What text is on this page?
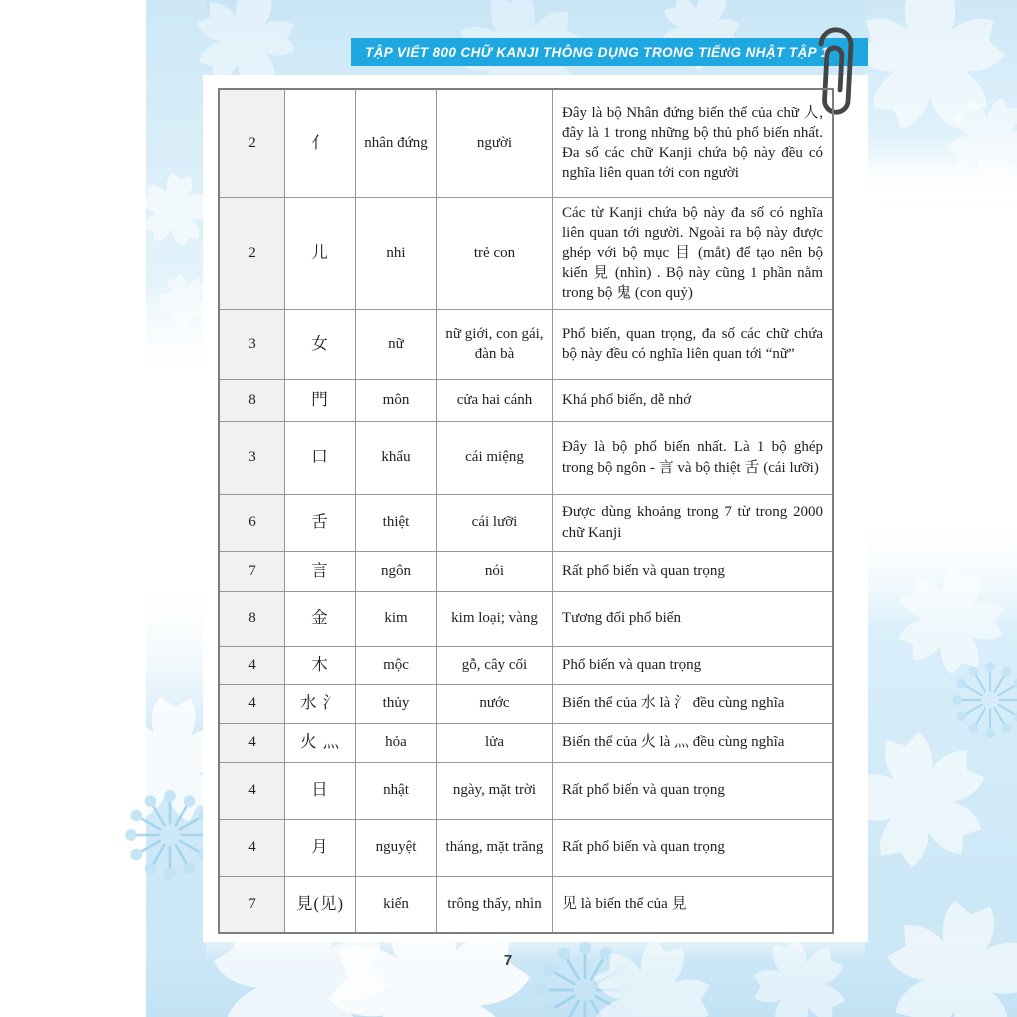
TẬP VIẾT 800 CHỮ KANJI THÔNG DỤNG TRONG TIẾNG NHẬT TẬP 1
2	亻	nhân đứng	người	Đây là bộ Nhân đứng biến thể của chữ 人, đây là 1 trong những bộ thủ phổ biến nhất. Đa số các chữ Kanji chứa bộ này đều có nghĩa liên quan tới con người
2	儿	nhi	trẻ con	Các từ Kanji chứa bộ này đa số có nghĩa liên quan tới người. Ngoài ra bộ này được ghép với bộ mục 目 (mắt) để tạo nên bộ kiến 見 (nhìn) . Bộ này cũng 1 phần nằm trong bộ 鬼 (con quỷ)
3	女	nữ	nữ giới, con gái, đàn bà	Phổ biến, quan trọng, đa số các chữ chứa bộ này đều có nghĩa liên quan tới “nữ”
8	門	môn	cửa hai cánh	Khá phổ biến, dễ nhớ
3	口	khẩu	cái miệng	Đây là bộ phổ biến nhất. Là 1 bộ ghép trong bộ ngôn - 言 và bộ thiệt 舌 (cái lưỡi)
6	舌	thiệt	cái lưỡi	Được dùng khoảng trong 7 từ trong 2000 chữ Kanji
7	言	ngôn	nói	Rất phổ biến và quan trọng
8	金	kim	kim loại; vàng	Tương đối phổ biến
4	木	mộc	gỗ, cây cối	Phổ biến và quan trọng
4	水 氵	thủy	nước	Biến thể của 水 là 氵 đều cùng nghĩa
4	火 灬	hỏa	lửa	Biến thể của 火 là 灬 đều cùng nghĩa
4	日	nhật	ngày, mặt trời	Rất phổ biến và quan trọng
4	月	nguyệt	tháng, mặt trăng	Rất phổ biến và quan trọng
7	見(见)	kiến	trông thấy, nhìn	见 là biến thể của 見
7
